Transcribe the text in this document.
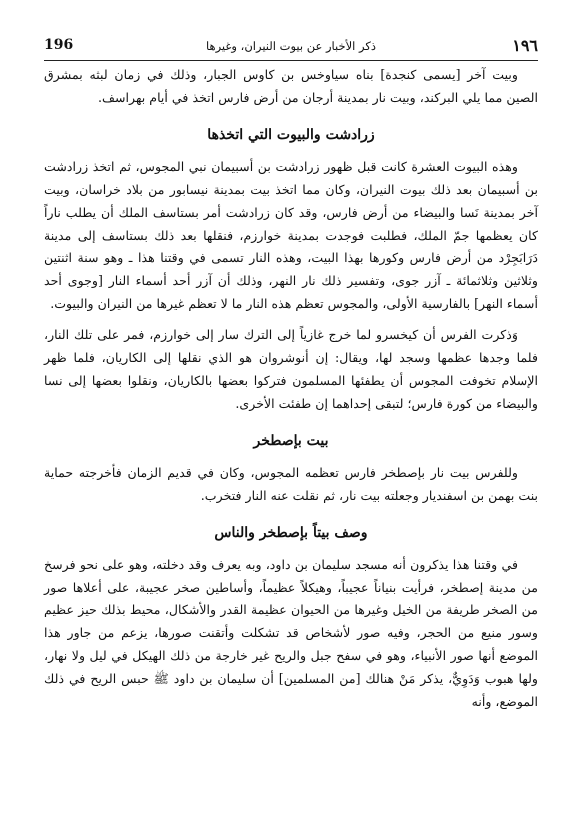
١٩٦
ذكر الأخبار عن بيوت النيران، وغيرها
196

وبيت آخر [يسمى كنجدة] بناه سياوخس بن كاوس الجبار، وذلك في زمان لبثه بمشرق الصين مما يلي البركند، وبيت نار بمدينة أرجان من أرض فارس اتخذ في أيام بهراسف.

زرادشت والبيوت التي اتخذها

وهذه البيوت العشرة كانت قبل ظهور زرادشت بن أسبيمان نبي المجوس، ثم اتخذ زرادشت بن أسبيمان بعد ذلك بيوت النيران، وكان مما اتخذ بيت بمدينة نيسابور من بلاد خراسان، وبيت آخر بمدينة نَسا والبيضاء من أرض فارس، وقد كان زرادشت أمر بستاسف الملك أن يطلب ناراً كان يعظمها جمّ الملك، فطلبت فوجدت بمدينة خوارزم، فنقلها بعد ذلك بستاسف إلى مدينة دَرَابَجِرْد من أرض فارس وكورها بهذا البيت، وهذه النار تسمى في وقتنا هذا ـ وهو سنة اثنتين وثلاثين وثلاثمائة ـ آزر جوى، وتفسير ذلك نار النهر، وذلك أن آزر أحد أسماء النار [وجوى أحد أسماء النهر] بالفارسية الأولى، والمجوس تعظم هذه النار ما لا تعظم غيرها من النيران والبيوت.

وَذكرت الفرس أن كيخسرو لما خرج غازياً إلى الترك سار إلى خوارزم، فمر على تلك النار، فلما وجدها عظمها وسجد لها، ويقال: إن أنوشروان هو الذي نقلها إلى الكاريان، فلما ظهر الإسلام تخوفت المجوس أن يطفئها المسلمون فتركوا بعضها بالكاريان، ونقلوا بعضها إلى نسا والبيضاء من كورة فارس؛ لتبقى إحداهما إن طفئت الأخرى.

بيت بإصطخر

وللفرس بيت نار بإصطخر فارس تعظمه المجوس، وكان في قديم الزمان فأخرجته حماية بنت بهمن بن اسفنديار وجعلته بيت نار، ثم نقلت عنه النار فتخرب.

وصف بيتاً بإصطخر والناس

في وقتنا هذا يذكرون أنه مسجد سليمان بن داود، وبه يعرف وقد دخلته، وهو على نحو فرسخ من مدينة إصطخر، فرأيت بنياناً عجيباً، وهيكلاً عظيماً، وأساطين صخر عجيبة، على أعلاها صور من الصخر طريفة من الخيل وغيرها من الحيوان عظيمة القدر والأشكال، محيط بذلك حيز عظيم وسور منيع من الحجر، وفيه صور لأشخاص قد تشكلت وأتقنت صورها، يزعم من جاور هذا الموضع أنها صور الأنبياء، وهو في سفح جبل والريح غير خارجة من ذلك الهيكل في ليل ولا نهار، ولها هبوب وَدَوِيٌّ، يذكر مَنْ هنالك [من المسلمين] أن سليمان بن داود ﷺ حبس الريح في ذلك الموضع، وأنه
